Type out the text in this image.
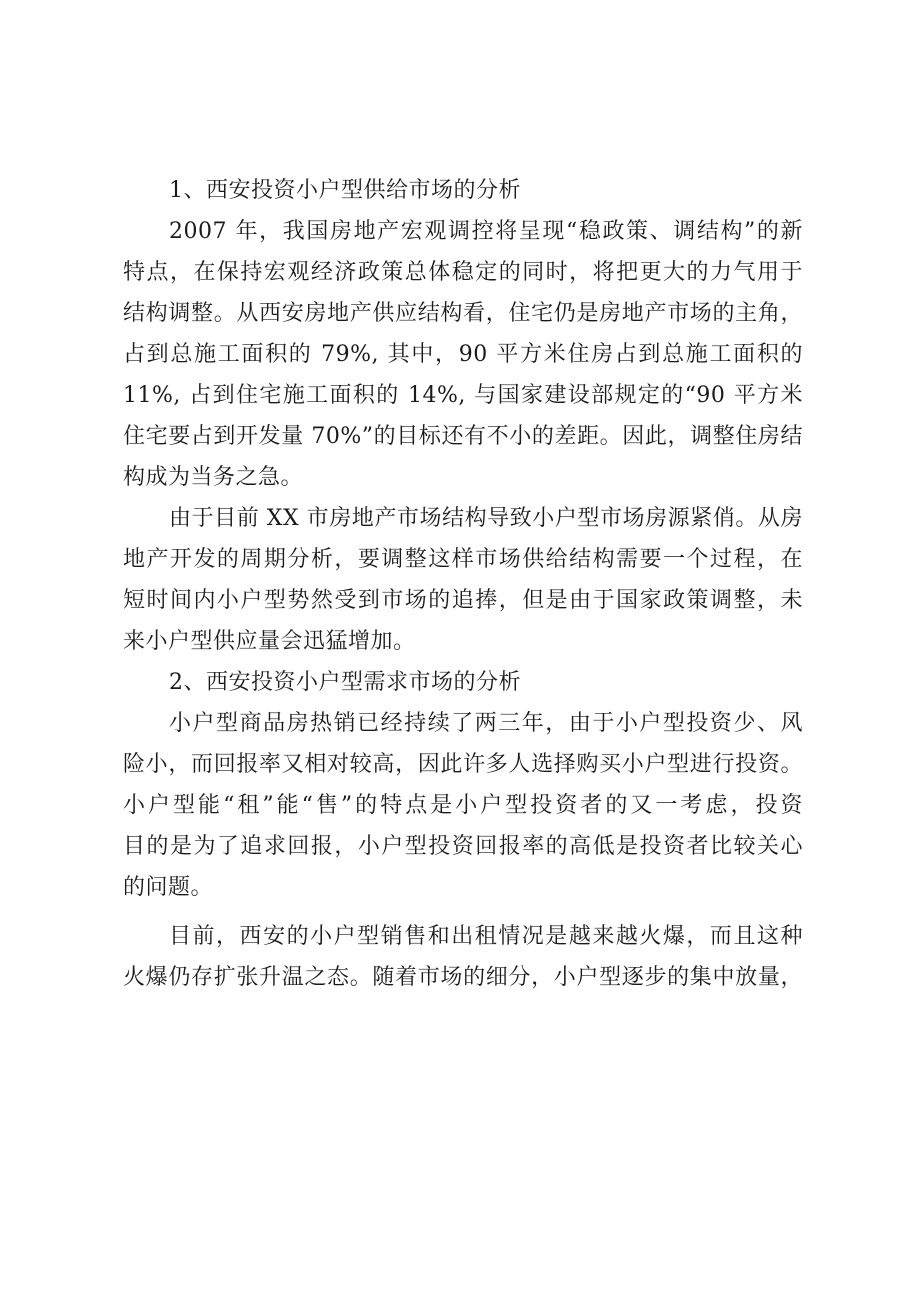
1、西安投资小户型供给市场的分析
2007 年，我国房地产宏观调控将呈现“稳政策、调结构”的新
特点，在保持宏观经济政策总体稳定的同时，将把更大的力气用于
结构调整。从西安房地产供应结构看，住宅仍是房地产市场的主角，
占到总施工面积的 79%, 其中，90 平方米住房占到总施工面积的
11%, 占到住宅施工面积的 14%, 与国家建设部规定的“90 平方米
住宅要占到开发量 70%”的目标还有不小的差距。因此，调整住房结
构成为当务之急。
由于目前 XX 市房地产市场结构导致小户型市场房源紧俏。从房
地产开发的周期分析，要调整这样市场供给结构需要一个过程，在
短时间内小户型势然受到市场的追捧，但是由于国家政策调整，未
来小户型供应量会迅猛增加。
2、西安投资小户型需求市场的分析
小户型商品房热销已经持续了两三年，由于小户型投资少、风
险小，而回报率又相对较高，因此许多人选择购买小户型进行投资。
小户型能“租”能“售”的特点是小户型投资者的又一考虑，投资
目的是为了追求回报，小户型投资回报率的高低是投资者比较关心
的问题。
目前，西安的小户型销售和出租情况是越来越火爆，而且这种
火爆仍存扩张升温之态。随着市场的细分，小户型逐步的集中放量，
